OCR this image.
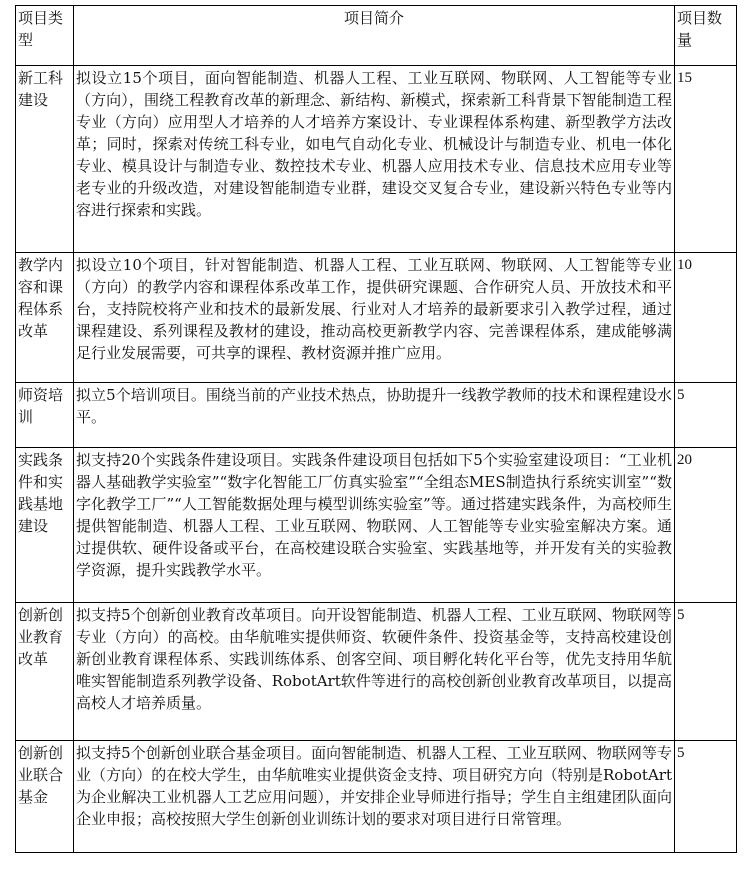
项目类型	项目简介	项目数量
新工科建设	拟设立15个项目，面向智能制造、机器人工程、工业互联网、物联网、人工智能等专业（方向），围绕工程教育改革的新理念、新结构、新模式，探索新工科背景下智能制造工程专业（方向）应用型人才培养的人才培养方案设计、专业课程体系构建、新型教学方法改革；同时，探索对传统工科专业，如电气自动化专业、机械设计与制造专业、机电一体化专业、模具设计与制造专业、数控技术专业、机器人应用技术专业、信息技术应用专业等老专业的升级改造，对建设智能制造专业群，建设交叉复合专业，建设新兴特色专业等内容进行探索和实践。	15
教学内容和课程体系改革	拟设立10个项目，针对智能制造、机器人工程、工业互联网、物联网、人工智能等专业（方向）的教学内容和课程体系改革工作，提供研究课题、合作研究人员、开放技术和平台，支持院校将产业和技术的最新发展、行业对人才培养的最新要求引入教学过程，通过课程建设、系列课程及教材的建设，推动高校更新教学内容、完善课程体系，建成能够满足行业发展需要，可共享的课程、教材资源并推广应用。	10
师资培训	拟立5个培训项目。围绕当前的产业技术热点，协助提升一线教学教师的技术和课程建设水平。	5
实践条件和实践基地建设	拟支持20个实践条件建设项目。实践条件建设项目包括如下5个实验室建设项目：“工业机器人基础教学实验室”“数字化智能工厂仿真实验室”“全组态MES制造执行系统实训室”“数字化教学工厂”“人工智能数据处理与模型训练实验室”等。通过搭建实践条件，为高校师生提供智能制造、机器人工程、工业互联网、物联网、人工智能等专业实验室解决方案。通过提供软、硬件设备或平台，在高校建设联合实验室、实践基地等，并开发有关的实验教学资源，提升实践教学水平。	20
创新创业教育改革	拟支持5个创新创业教育改革项目。向开设智能制造、机器人工程、工业互联网、物联网等专业（方向）的高校。由华航唯实提供师资、软硬件条件、投资基金等，支持高校建设创新创业教育课程体系、实践训练体系、创客空间、项目孵化转化平台等，优先支持用华航唯实智能制造系列教学设备、RobotArt软件等进行的高校创新创业教育改革项目，以提高高校人才培养质量。	5
创新创业联合基金	拟支持5个创新创业联合基金项目。面向智能制造、机器人工程、工业互联网、物联网等专业（方向）的在校大学生，由华航唯实业提供资金支持、项目研究方向（特别是RobotArt为企业解决工业机器人工艺应用问题），并安排企业导师进行指导；学生自主组建团队面向企业申报；高校按照大学生创新创业训练计划的要求对项目进行日常管理。	5
